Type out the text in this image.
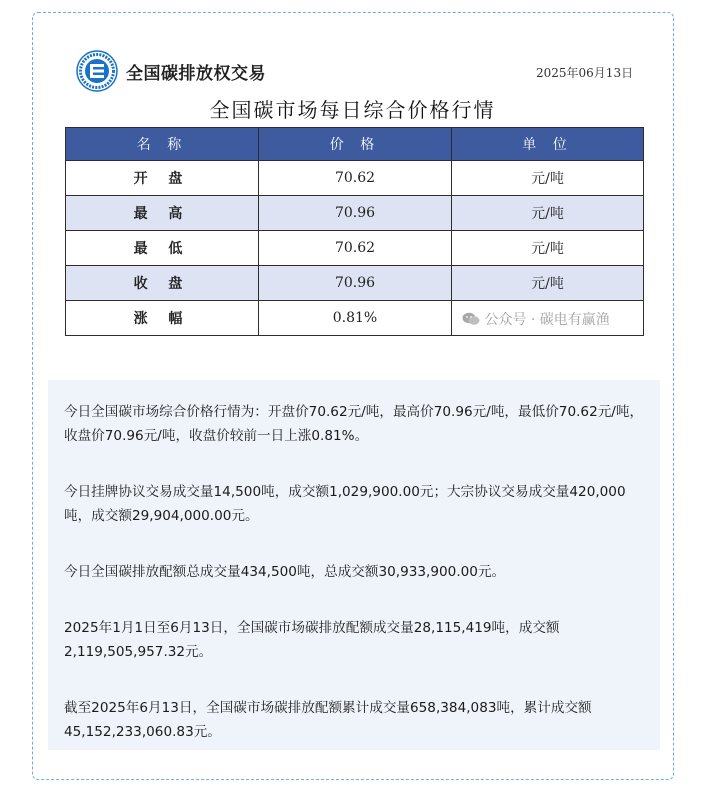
全国碳排放权交易	2025年06月13日
全国碳市场每日综合价格行情
名 称	价 格	单 位
开 盘	70.62	元/吨
最 高	70.96	元/吨
最 低	70.62	元/吨
收 盘	70.96	元/吨
涨 幅	0.81%		公众号 · 碳电有赢渔

今日全国碳市场综合价格行情为：开盘价70.62元/吨，最高价70.96元/吨，最低价70.62元/吨，收盘价70.96元/吨，收盘价较前一日上涨0.81%。

今日挂牌协议交易成交量14,500吨，成交额1,029,900.00元；大宗协议交易成交量420,000吨，成交额29,904,000.00元。

今日全国碳排放配额总成交量434,500吨，总成交额30,933,900.00元。

2025年1月1日至6月13日，全国碳市场碳排放配额成交量28,115,419吨，成交额2,119,505,957.32元。

截至2025年6月13日，全国碳市场碳排放配额累计成交量658,384,083吨，累计成交额45,152,233,060.83元。
